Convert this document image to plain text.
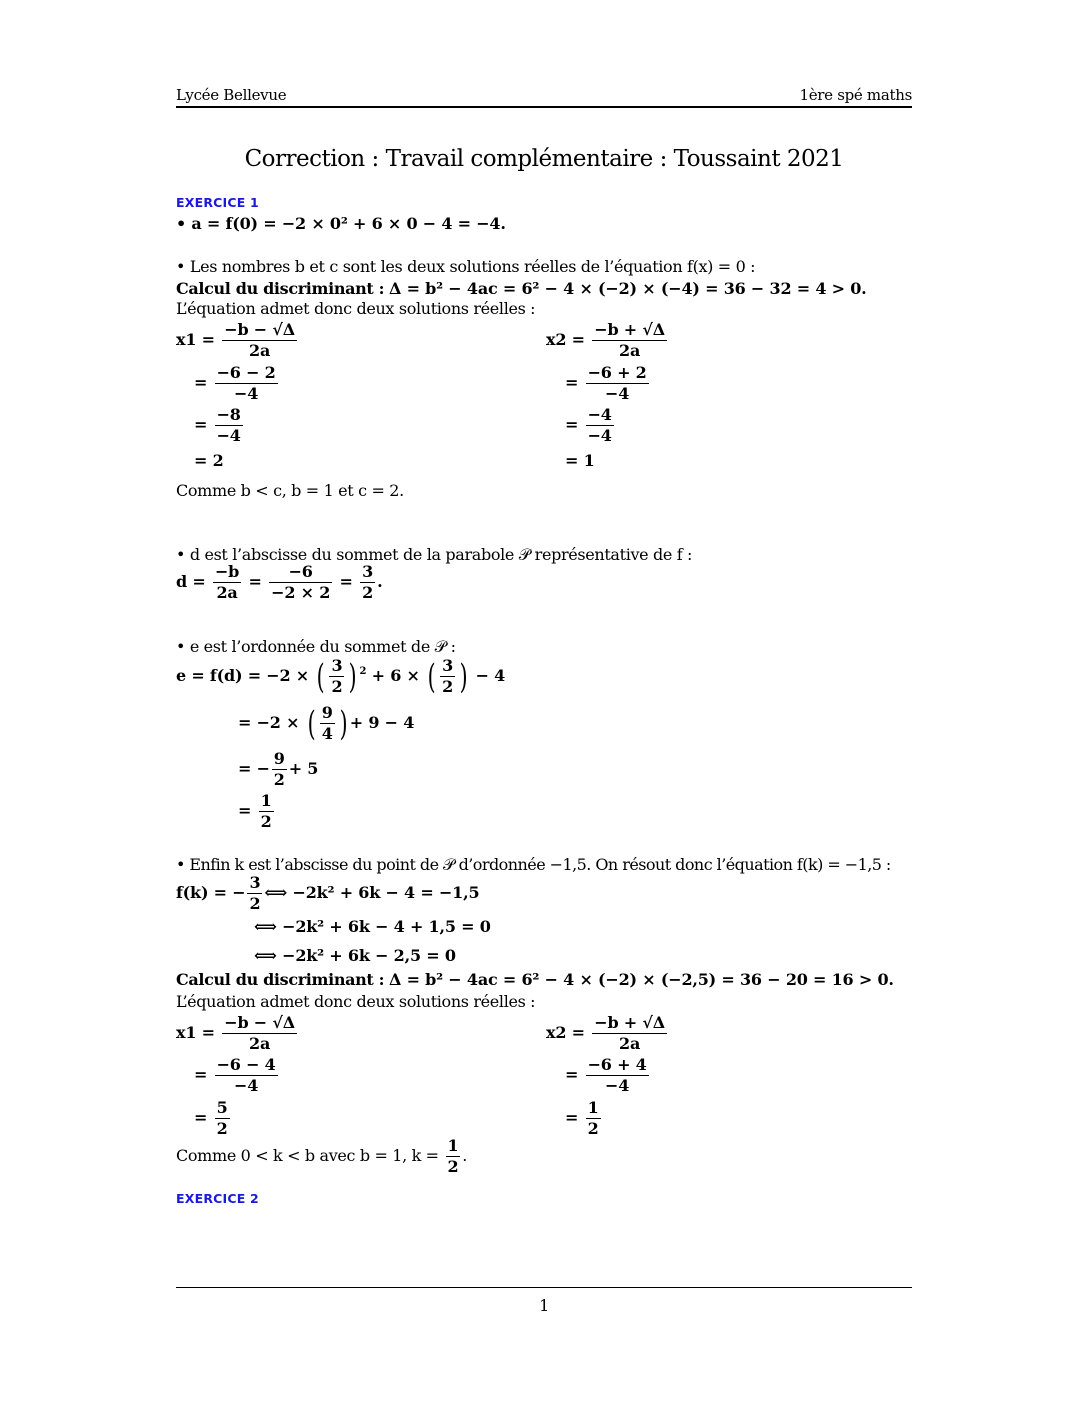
Lycée Bellevue	1ère spé maths
Correction : Travail complémentaire : Toussaint 2021
EXERCICE 1
• a = f(0) = −2 × 0² + 6 × 0 − 4 = −4.
• Les nombres b et c sont les deux solutions réelles de l’équation f(x) = 0 :
Calcul du discriminant : Δ = b² − 4ac = 6² − 4 × (−2) × (−4) = 36 − 32 = 4 > 0.
L’équation admet donc deux solutions réelles :
$x1 = \frac{-b - √\Delta}{2a}$
= $\frac{-6 - 2}{-4}$
= $\frac{-8}{-4}$
= 2
$x2 = \frac{-b + √\Delta}{2a}$
= $\frac{-6 + 2}{-4}$
= $\frac{-4}{-4}$
= 1
Comme b < c, b = 1 et c = 2.
• d est l’abscisse du sommet de la parabole 𝒫 représentative de f :
$d = \frac{-b}{2a} = \frac{-6}{-2 \times 2} = \frac{3}{2}$ .
• e est l’ordonnée du sommet de 𝒫 :
e = f(d) = −2 × ( $\frac{3}{2}$ ) $^2$ + 6 × ( $\frac{3}{2}$ ) − 4
= −2 × ( $\frac{9}{4}$ ) + 9 − 4
= − $\frac{9}{2} + 5$
= $\frac{1}{2}$
• Enfin k est l’abscisse du point de 𝒫 d’ordonnée −1,5. On résout donc l’équation f(k) = −1,5 :
f(k) = − $\frac{3}{2}$ ⟺ −2k² + 6k − 4 = −1,5
⟺ −2k² + 6k − 4 + 1,5 = 0
⟺ −2k² + 6k − 2,5 = 0
Calcul du discriminant : Δ = b² − 4ac = 6² − 4 × (−2) × (−2,5) = 36 − 20 = 16 > 0.
L’équation admet donc deux solutions réelles :
$x1 = \frac{-b - √\Delta}{2a}$
= $\frac{-6 - 4}{-4}$
= $\frac{5}{2}$
$x2 = \frac{-b + √\Delta}{2a}$
= $\frac{-6 + 4}{-4}$
= $\frac{1}{2}$
Comme 0 < k < b avec b = 1, $k = \frac{1}{2}$ .
EXERCICE 2
1
